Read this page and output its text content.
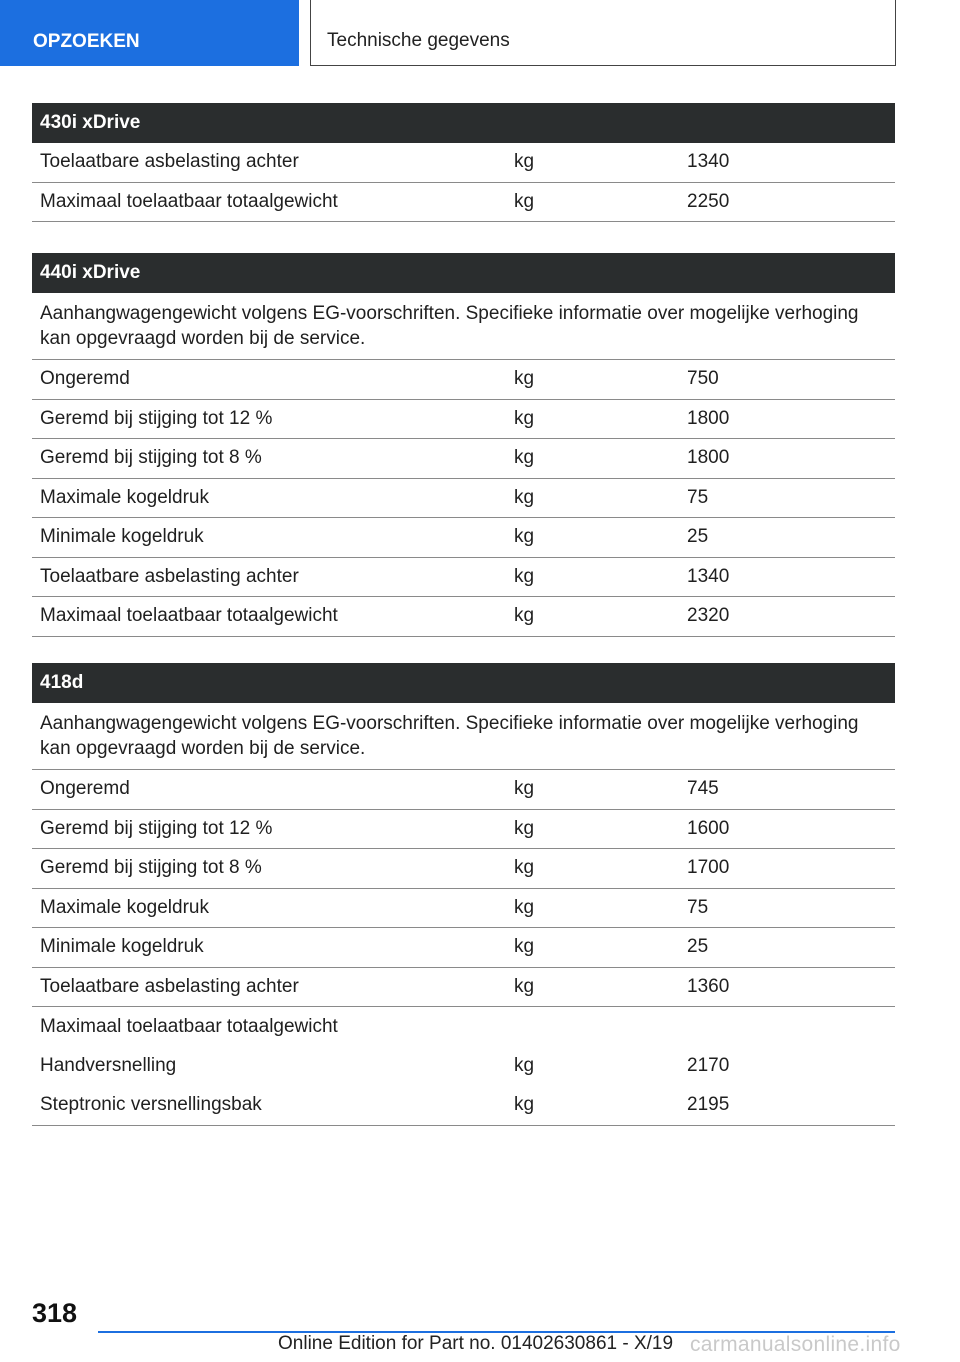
OPZOEKEN	Technische gegevens
430i xDrive
Toelaatbare asbelasting achter	kg	1340
Maximaal toelaatbaar totaalgewicht	kg	2250
440i xDrive
Aanhangwagengewicht volgens EG-voorschriften. Specifieke informatie over mogelijke verhoging kan opgevraagd worden bij de service.
Ongeremd	kg	750
Geremd bij stijging tot 12 %	kg	1800
Geremd bij stijging tot 8 %	kg	1800
Maximale kogeldruk	kg	75
Minimale kogeldruk	kg	25
Toelaatbare asbelasting achter	kg	1340
Maximaal toelaatbaar totaalgewicht	kg	2320
418d
Aanhangwagengewicht volgens EG-voorschriften. Specifieke informatie over mogelijke verhoging kan opgevraagd worden bij de service.
Ongeremd	kg	745
Geremd bij stijging tot 12 %	kg	1600
Geremd bij stijging tot 8 %	kg	1700
Maximale kogeldruk	kg	75
Minimale kogeldruk	kg	25
Toelaatbare asbelasting achter	kg	1360
Maximaal toelaatbaar totaalgewicht
Handversnelling	kg	2170
Steptronic versnellingsbak	kg	2195
318
Online Edition for Part no. 01402630861 - X/19 carmanualsonline.info
